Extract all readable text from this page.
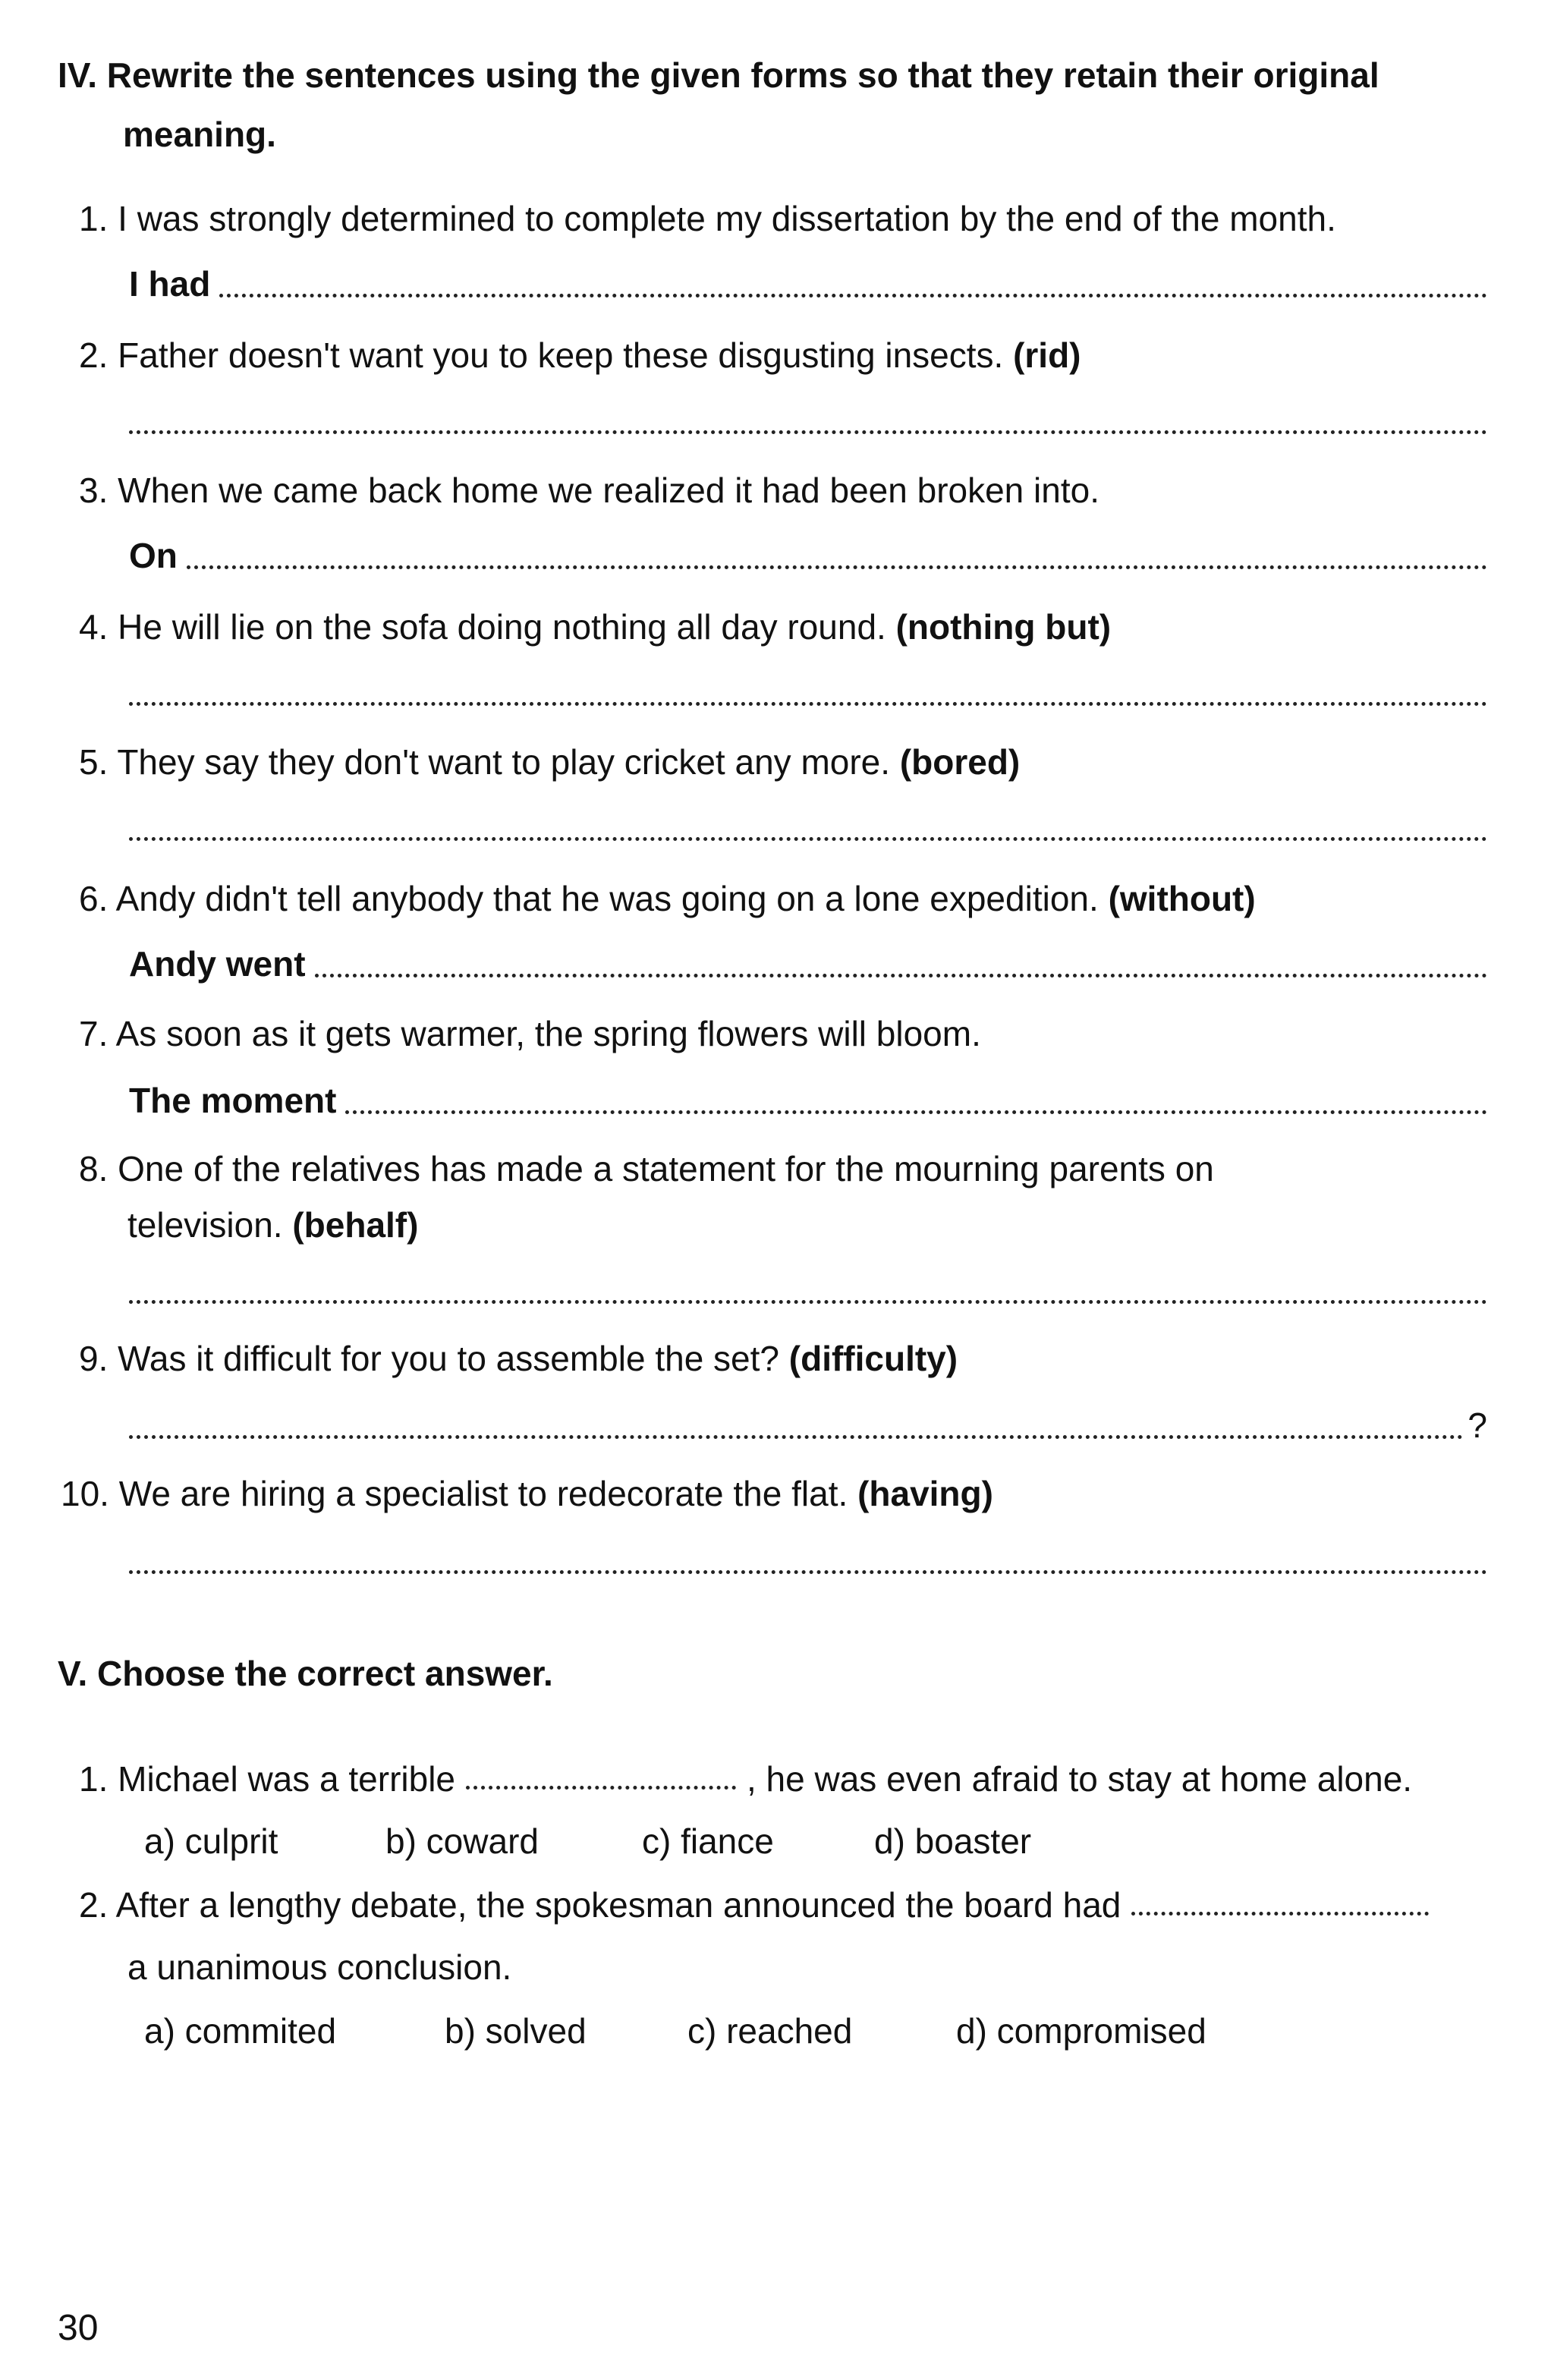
IV. Rewrite the sentences using the given forms so that they retain their original
meaning.
1. I was strongly determined to complete my dissertation by the end of the month.
I had
2. Father doesn't want you to keep these disgusting insects. (rid)
3. When we came back home we realized it had been broken into.
On
4. He will lie on the sofa doing nothing all day round. (nothing but)
5. They say they don't want to play cricket any more. (bored)
6. Andy didn't tell anybody that he was going on a lone expedition. (without)
Andy went
7. As soon as it gets warmer, the spring flowers will bloom.
The moment
8. One of the relatives has made a statement for the mourning parents on
television. (behalf)
9. Was it difficult for you to assemble the set? (difficulty)
?
10. We are hiring a specialist to redecorate the flat. (having)
V. Choose the correct answer.
1. Michael was a terrible	, he was even afraid to stay at home alone.
a) culprit	b) coward	c) fiance	d) boaster
2. After a lengthy debate, the spokesman announced the board had
a unanimous conclusion.
a) commited	b) solved	c) reached	d) compromised
30
